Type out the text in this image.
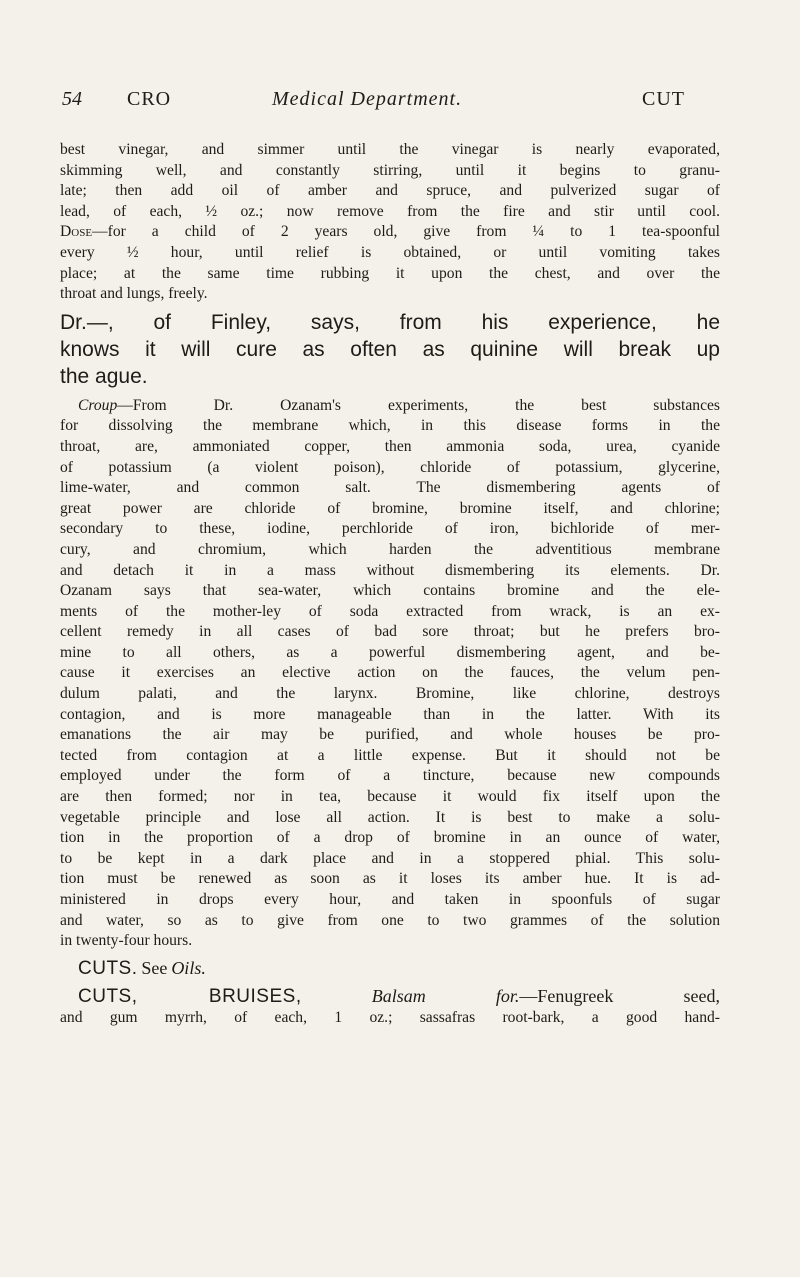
54 CRO	Medical Department.	CUT

best vinegar, and simmer until the vinegar is nearly evaporated,
skimming well, and constantly stirring, until it begins to granu-
late; then add oil of amber and spruce, and pulverized sugar of
lead, of each, ½ oz.; now remove from the fire and stir until cool.
Dose—for a child of 2 years old, give from ¼ to 1 tea-spoonful
every ½ hour, until relief is obtained, or until vomiting takes
place; at the same time rubbing it upon the chest, and over the
throat and lungs, freely.

Dr.—, of Finley, says, from his experience, he
knows it will cure as often as quinine will break up
the ague.

Croup—From Dr. Ozanam's experiments, the best substances
for dissolving the membrane which, in this disease forms in the
throat, are, ammoniated copper, then ammonia soda, urea, cyanide
of potassium (a violent poison), chloride of potassium, glycerine,
lime-water, and common salt. The dismembering agents of
great power are chloride of bromine, bromine itself, and chlorine;
secondary to these, iodine, perchloride of iron, bichloride of mer-
cury, and chromium, which harden the adventitious membrane
and detach it in a mass without dismembering its elements. Dr.
Ozanam says that sea-water, which contains bromine and the ele-
ments of the mother-ley of soda extracted from wrack, is an ex-
cellent remedy in all cases of bad sore throat; but he prefers bro-
mine to all others, as a powerful dismembering agent, and be-
cause it exercises an elective action on the fauces, the velum pen-
dulum palati, and the larynx. Bromine, like chlorine, destroys
contagion, and is more manageable than in the latter. With its
emanations the air may be purified, and whole houses be pro-
tected from contagion at a little expense. But it should not be
employed under the form of a tincture, because new compounds
are then formed; nor in tea, because it would fix itself upon the
vegetable principle and lose all action. It is best to make a solu-
tion in the proportion of a drop of bromine in an ounce of water,
to be kept in a dark place and in a stoppered phial. This solu-
tion must be renewed as soon as it loses its amber hue. It is ad-
ministered in drops every hour, and taken in spoonfuls of sugar
and water, so as to give from one to two grammes of the solution
in twenty-four hours.

CUTS. See Oils.

CUTS, BRUISES,	Balsam for.—Fenugreek seed,
and gum myrrh, of each, 1 oz.; sassafras root-bark, a good hand-
